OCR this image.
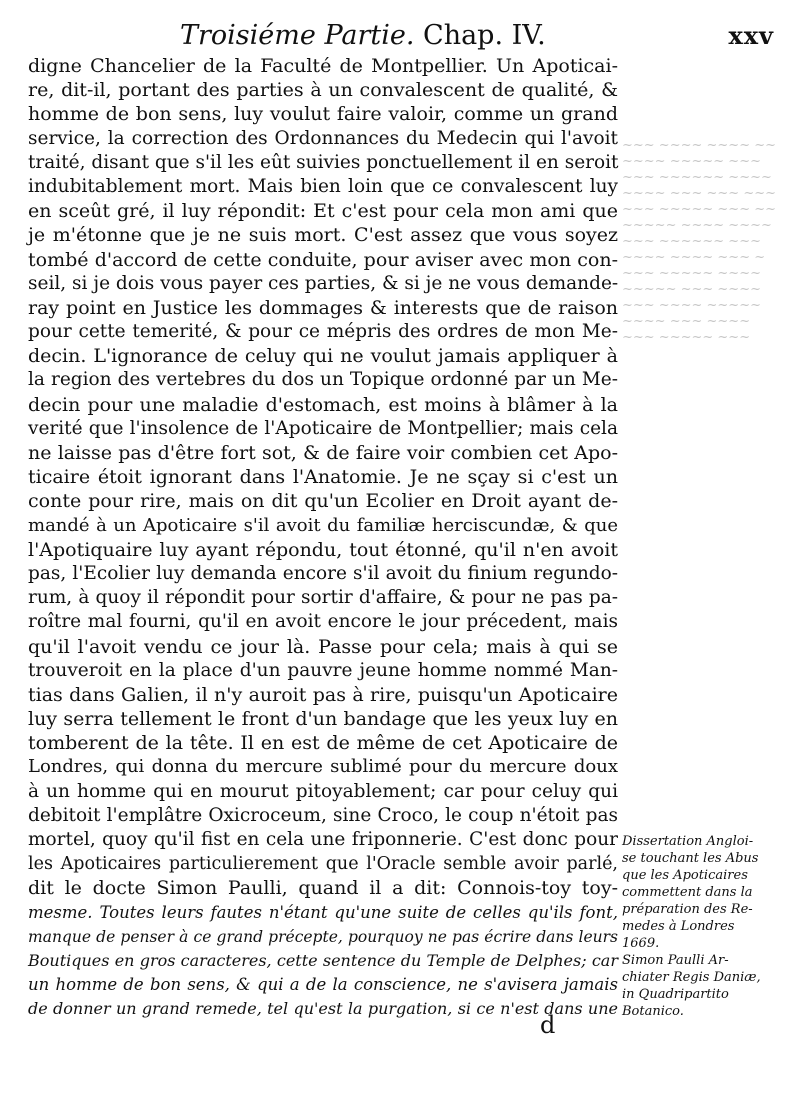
Troisiéme Partie. Chap. IV.	xxv
digne Chancelier de la Faculté de Montpellier. Un Apoticai-
re, dit-il, portant des parties à un convalescent de qualité, &
homme de bon sens, luy voulut faire valoir, comme un grand
service, la correction des Ordonnances du Medecin qui l'avoit
traité, disant que s'il les eût suivies ponctuellement il en seroit
indubitablement mort. Mais bien loin que ce convalescent luy
en sceût gré, il luy répondit: Et c'est pour cela mon ami que
je m'étonne que je ne suis mort. C'est assez que vous soyez
tombé d'accord de cette conduite, pour aviser avec mon con-
seil, si je dois vous payer ces parties, & si je ne vous demande-
ray point en Justice les dommages & interests que de raison
pour cette temerité, & pour ce mépris des ordres de mon Me-
decin. L'ignorance de celuy qui ne voulut jamais appliquer à
la region des vertebres du dos un Topique ordonné par un Me-
decin pour une maladie d'estomach, est moins à blâmer à la
verité que l'insolence de l'Apoticaire de Montpellier; mais cela
ne laisse pas d'être fort sot, & de faire voir combien cet Apo-
ticaire étoit ignorant dans l'Anatomie. Je ne sçay si c'est un
conte pour rire, mais on dit qu'un Ecolier en Droit ayant de-
mandé à un Apoticaire s'il avoit du familiæ herciscundæ, & que
l'Apotiquaire luy ayant répondu, tout étonné, qu'il n'en avoit
pas, l'Ecolier luy demanda encore s'il avoit du finium regundo-
rum, à quoy il répondit pour sortir d'affaire, & pour ne pas pa-
roître mal fourni, qu'il en avoit encore le jour précedent, mais
qu'il l'avoit vendu ce jour là. Passe pour cela; mais à qui se
trouveroit en la place d'un pauvre jeune homme nommé Man-
tias dans Galien, il n'y auroit pas à rire, puisqu'un Apoticaire
luy serra tellement le front d'un bandage que les yeux luy en
tomberent de la tête. Il en est de même de cet Apoticaire de
Londres, qui donna du mercure sublimé pour du mercure doux
à un homme qui en mourut pitoyablement; car pour celuy qui
debitoit l'emplâtre Oxicroceum, sine Croco, le coup n'étoit pas
mortel, quoy qu'il fist en cela une friponnerie. C'est donc pour
les Apoticaires particulierement que l'Oracle semble avoir parlé,
dit le docte Simon Paulli, quand il a dit: Connois-toy toy-
mesme. Toutes leurs fautes n'étant qu'une suite de celles qu'ils font,
manque de penser à ce grand précepte, pourquoy ne pas écrire dans leurs
Boutiques en gros caracteres, cette sentence du Temple de Delphes; car
un homme de bon sens, & qui a de la conscience, ne s'avisera jamais
de donner un grand remede, tel qu'est la purgation, si ce n'est dans une
~~~ ~~~~ ~~~~ ~~
~~~~ ~~~~~ ~~~
~~~ ~~~~~~ ~~~~
~~~~ ~~~ ~~~ ~~~
~~~ ~~~~~ ~~~ ~~
~~~~~ ~~~~ ~~~~
~~~ ~~~~~~ ~~~
~~~~ ~~~~ ~~~ ~
~~~ ~~~~~ ~~~~
~~~~~ ~~~ ~~~~
~~~ ~~~~ ~~~~~
~~~~ ~~~ ~~~~
~~~ ~~~~~ ~~~
Dissertation Angloi-
se touchant les Abus
que les Apoticaires
commettent dans la
préparation des Re-
medes à Londres
1669.
Simon Paulli Ar-
chiater Regis Daniæ,
in Quadripartito
Botanico.
d
